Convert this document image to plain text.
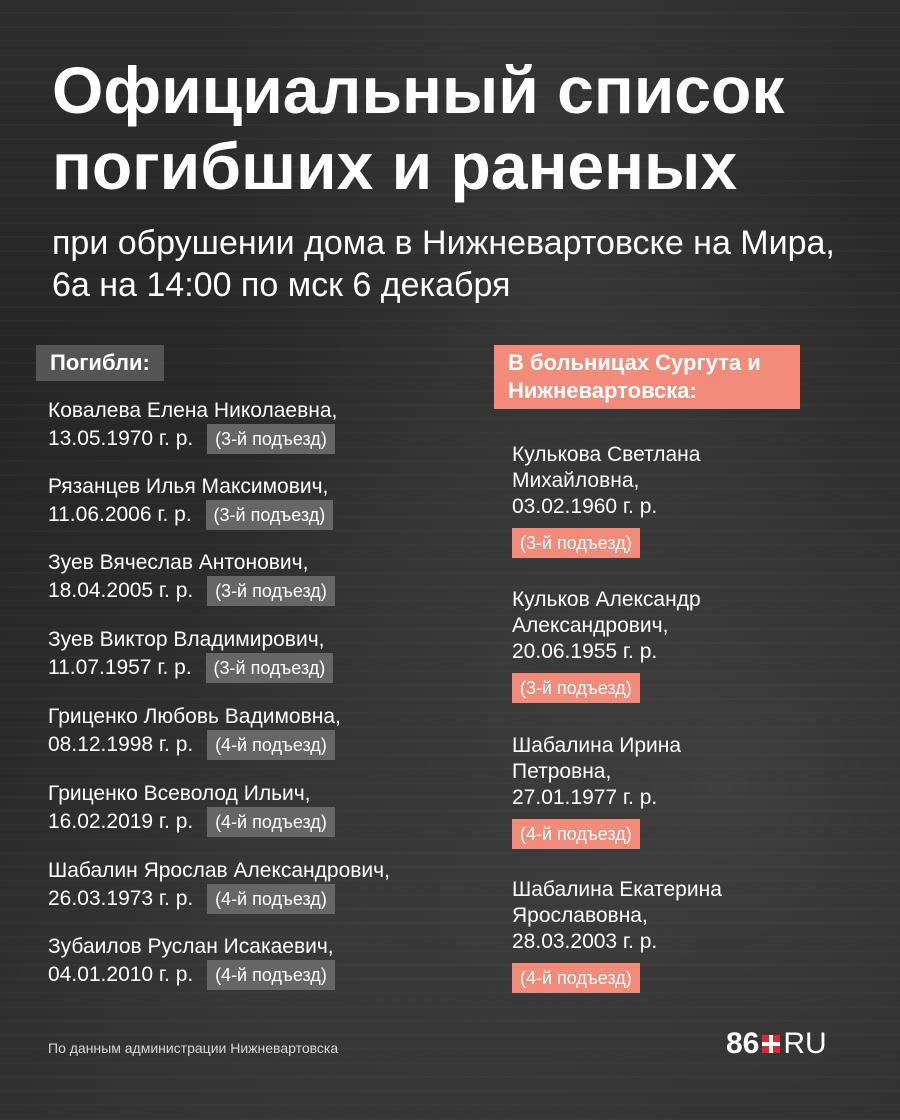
Официальный список погибших и раненых

при обрушении дома в Нижневартовске на Мира, 6а на 14:00 по мск 6 декабря

Погибли:	В больницах Сургута и Нижневартовска:
Ковалева Елена Николаевна,
13.05.1970 г. р. (3-й подъезд)
Рязанцев Илья Максимович,
11.06.2006 г. р. (3-й подъезд)
Зуев Вячеслав Антонович,
18.04.2005 г. р. (3-й подъезд)
Зуев Виктор Владимирович,
11.07.1957 г. р. (3-й подъезд)
Гриценко Любовь Вадимовна,
08.12.1998 г. р. (4-й подъезд)
Гриценко Всеволод Ильич,
16.02.2019 г. р. (4-й подъезд)
Шабалин Ярослав Александрович,
26.03.1973 г. р. (4-й подъезд)
Зубаилов Руслан Исакаевич,
04.01.2010 г. р. (4-й подъезд)
Кулькова Светлана
Михайловна,
03.02.1960 г. р.
(3-й подъезд)
Кульков Александр
Александрович,
20.06.1955 г. р.
(3-й подъезд)
Шабалина Ирина
Петровна,
27.01.1977 г. р.
(4-й подъезд)
Шабалина Екатерина
Ярославовна,
28.03.2003 г. р.
(4-й подъезд)
По данным администрации Нижневартовска	86 RU
